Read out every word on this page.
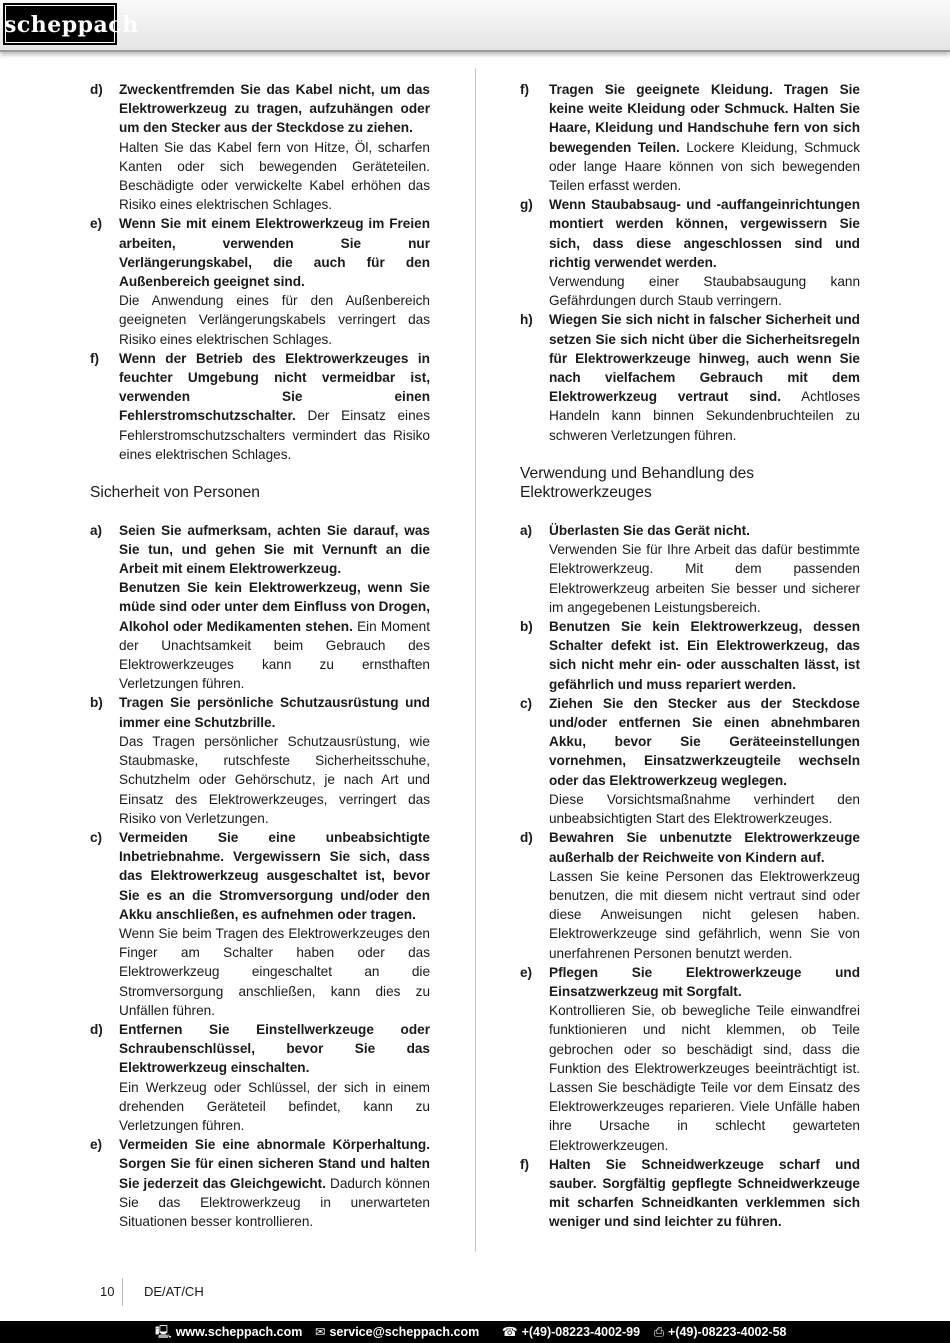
scheppach
d)	Zweckentfremden Sie das Kabel nicht, um das Elektrowerkzeug zu tragen, aufzuhängen oder um den Stecker aus der Steckdose zu ziehen.
Halten Sie das Kabel fern von Hitze, Öl, scharfen Kanten oder sich bewegenden Geräteteilen. Beschädigte oder verwickelte Kabel erhöhen das Risiko eines elektrischen Schlages.
e)	Wenn Sie mit einem Elektrowerkzeug im Freien arbeiten, verwenden Sie nur Verlängerungskabel, die auch für den Außenbereich geeignet sind.
Die Anwendung eines für den Außenbereich geeigneten Verlängerungskabels verringert das Risiko eines elektrischen Schlages.
f)	Wenn der Betrieb des Elektrowerkzeuges in feuchter Umgebung nicht vermeidbar ist, verwenden Sie einen Fehlerstromschutzschalter. Der Einsatz eines Fehlerstromschutzschalters vermindert das Risiko eines elektrischen Schlages.
Sicherheit von Personen
a)	Seien Sie aufmerksam, achten Sie darauf, was Sie tun, und gehen Sie mit Vernunft an die Arbeit mit einem Elektrowerkzeug.
Benutzen Sie kein Elektrowerkzeug, wenn Sie müde sind oder unter dem Einfluss von Drogen, Alkohol oder Medikamenten stehen. Ein Moment der Unachtsamkeit beim Gebrauch des Elektrowerkzeuges kann zu ernsthaften Verletzungen führen.
b)	Tragen Sie persönliche Schutzausrüstung und immer eine Schutzbrille.
Das Tragen persönlicher Schutzausrüstung, wie Staubmaske, rutschfeste Sicherheitsschuhe, Schutzhelm oder Gehörschutz, je nach Art und Einsatz des Elektrowerkzeuges, verringert das Risiko von Verletzungen.
c)	Vermeiden Sie eine unbeabsichtigte Inbetriebnahme. Vergewissern Sie sich, dass das Elektrowerkzeug ausgeschaltet ist, bevor Sie es an die Stromversorgung und/oder den Akku anschließen, es aufnehmen oder tragen.
Wenn Sie beim Tragen des Elektrowerkzeuges den Finger am Schalter haben oder das Elektrowerkzeug eingeschaltet an die Stromversorgung anschließen, kann dies zu Unfällen führen.
d)	Entfernen Sie Einstellwerkzeuge oder Schraubenschlüssel, bevor Sie das Elektrowerkzeug einschalten.
Ein Werkzeug oder Schlüssel, der sich in einem drehenden Geräteteil befindet, kann zu Verletzungen führen.
e)	Vermeiden Sie eine abnormale Körperhaltung. Sorgen Sie für einen sicheren Stand und halten Sie jederzeit das Gleichgewicht. Dadurch können Sie das Elektrowerkzeug in unerwarteten Situationen besser kontrollieren.
f)	Tragen Sie geeignete Kleidung. Tragen Sie keine weite Kleidung oder Schmuck. Halten Sie Haare, Kleidung und Handschuhe fern von sich bewegenden Teilen. Lockere Kleidung, Schmuck oder lange Haare können von sich bewegenden Teilen erfasst werden.
g)	Wenn Staubabsaug- und -auffangeinrichtungen montiert werden können, vergewissern Sie sich, dass diese angeschlossen sind und richtig verwendet werden.
Verwendung einer Staubabsaugung kann Gefährdungen durch Staub verringern.
h)	Wiegen Sie sich nicht in falscher Sicherheit und setzen Sie sich nicht über die Sicherheitsregeln für Elektrowerkzeuge hinweg, auch wenn Sie nach vielfachem Gebrauch mit dem Elektrowerkzeug vertraut sind. Achtloses Handeln kann binnen Sekundenbruchteilen zu schweren Verletzungen führen.
Verwendung und Behandlung des Elektrowerkzeuges
a)	Überlasten Sie das Gerät nicht.
Verwenden Sie für Ihre Arbeit das dafür bestimmte Elektrowerkzeug. Mit dem passenden Elektrowerkzeug arbeiten Sie besser und sicherer im angegebenen Leistungsbereich.
b)	Benutzen Sie kein Elektrowerkzeug, dessen Schalter defekt ist. Ein Elektrowerkzeug, das sich nicht mehr ein- oder ausschalten lässt, ist gefährlich und muss repariert werden.
c)	Ziehen Sie den Stecker aus der Steckdose und/oder entfernen Sie einen abnehmbaren Akku, bevor Sie Geräteeinstellungen vornehmen, Einsatzwerkzeugteile wechseln oder das Elektrowerkzeug weglegen.
Diese Vorsichtsmaßnahme verhindert den unbeabsichtigten Start des Elektrowerkzeuges.
d)	Bewahren Sie unbenutzte Elektrowerkzeuge außerhalb der Reichweite von Kindern auf.
Lassen Sie keine Personen das Elektrowerkzeug benutzen, die mit diesem nicht vertraut sind oder diese Anweisungen nicht gelesen haben. Elektrowerkzeuge sind gefährlich, wenn Sie von unerfahrenen Personen benutzt werden.
e)	Pflegen Sie Elektrowerkzeuge und Einsatzwerkzeug mit Sorgfalt.
Kontrollieren Sie, ob bewegliche Teile einwandfrei funktionieren und nicht klemmen, ob Teile gebrochen oder so beschädigt sind, dass die Funktion des Elektrowerkzeuges beeinträchtigt ist. Lassen Sie beschädigte Teile vor dem Einsatz des Elektrowerkzeuges reparieren. Viele Unfälle haben ihre Ursache in schlecht gewarteten Elektrowerkzeugen.
f)	Halten Sie Schneidwerkzeuge scharf und sauber. Sorgfältig gepflegte Schneidwerkzeuge mit scharfen Schneidkanten verklemmen sich weniger und sind leichter zu führen.
10 DE/AT/CH
🖳 www.scheppach.com ✉ service@scheppach.com ☎ +(49)-08223-4002-99 ⎙ +(49)-08223-4002-58
